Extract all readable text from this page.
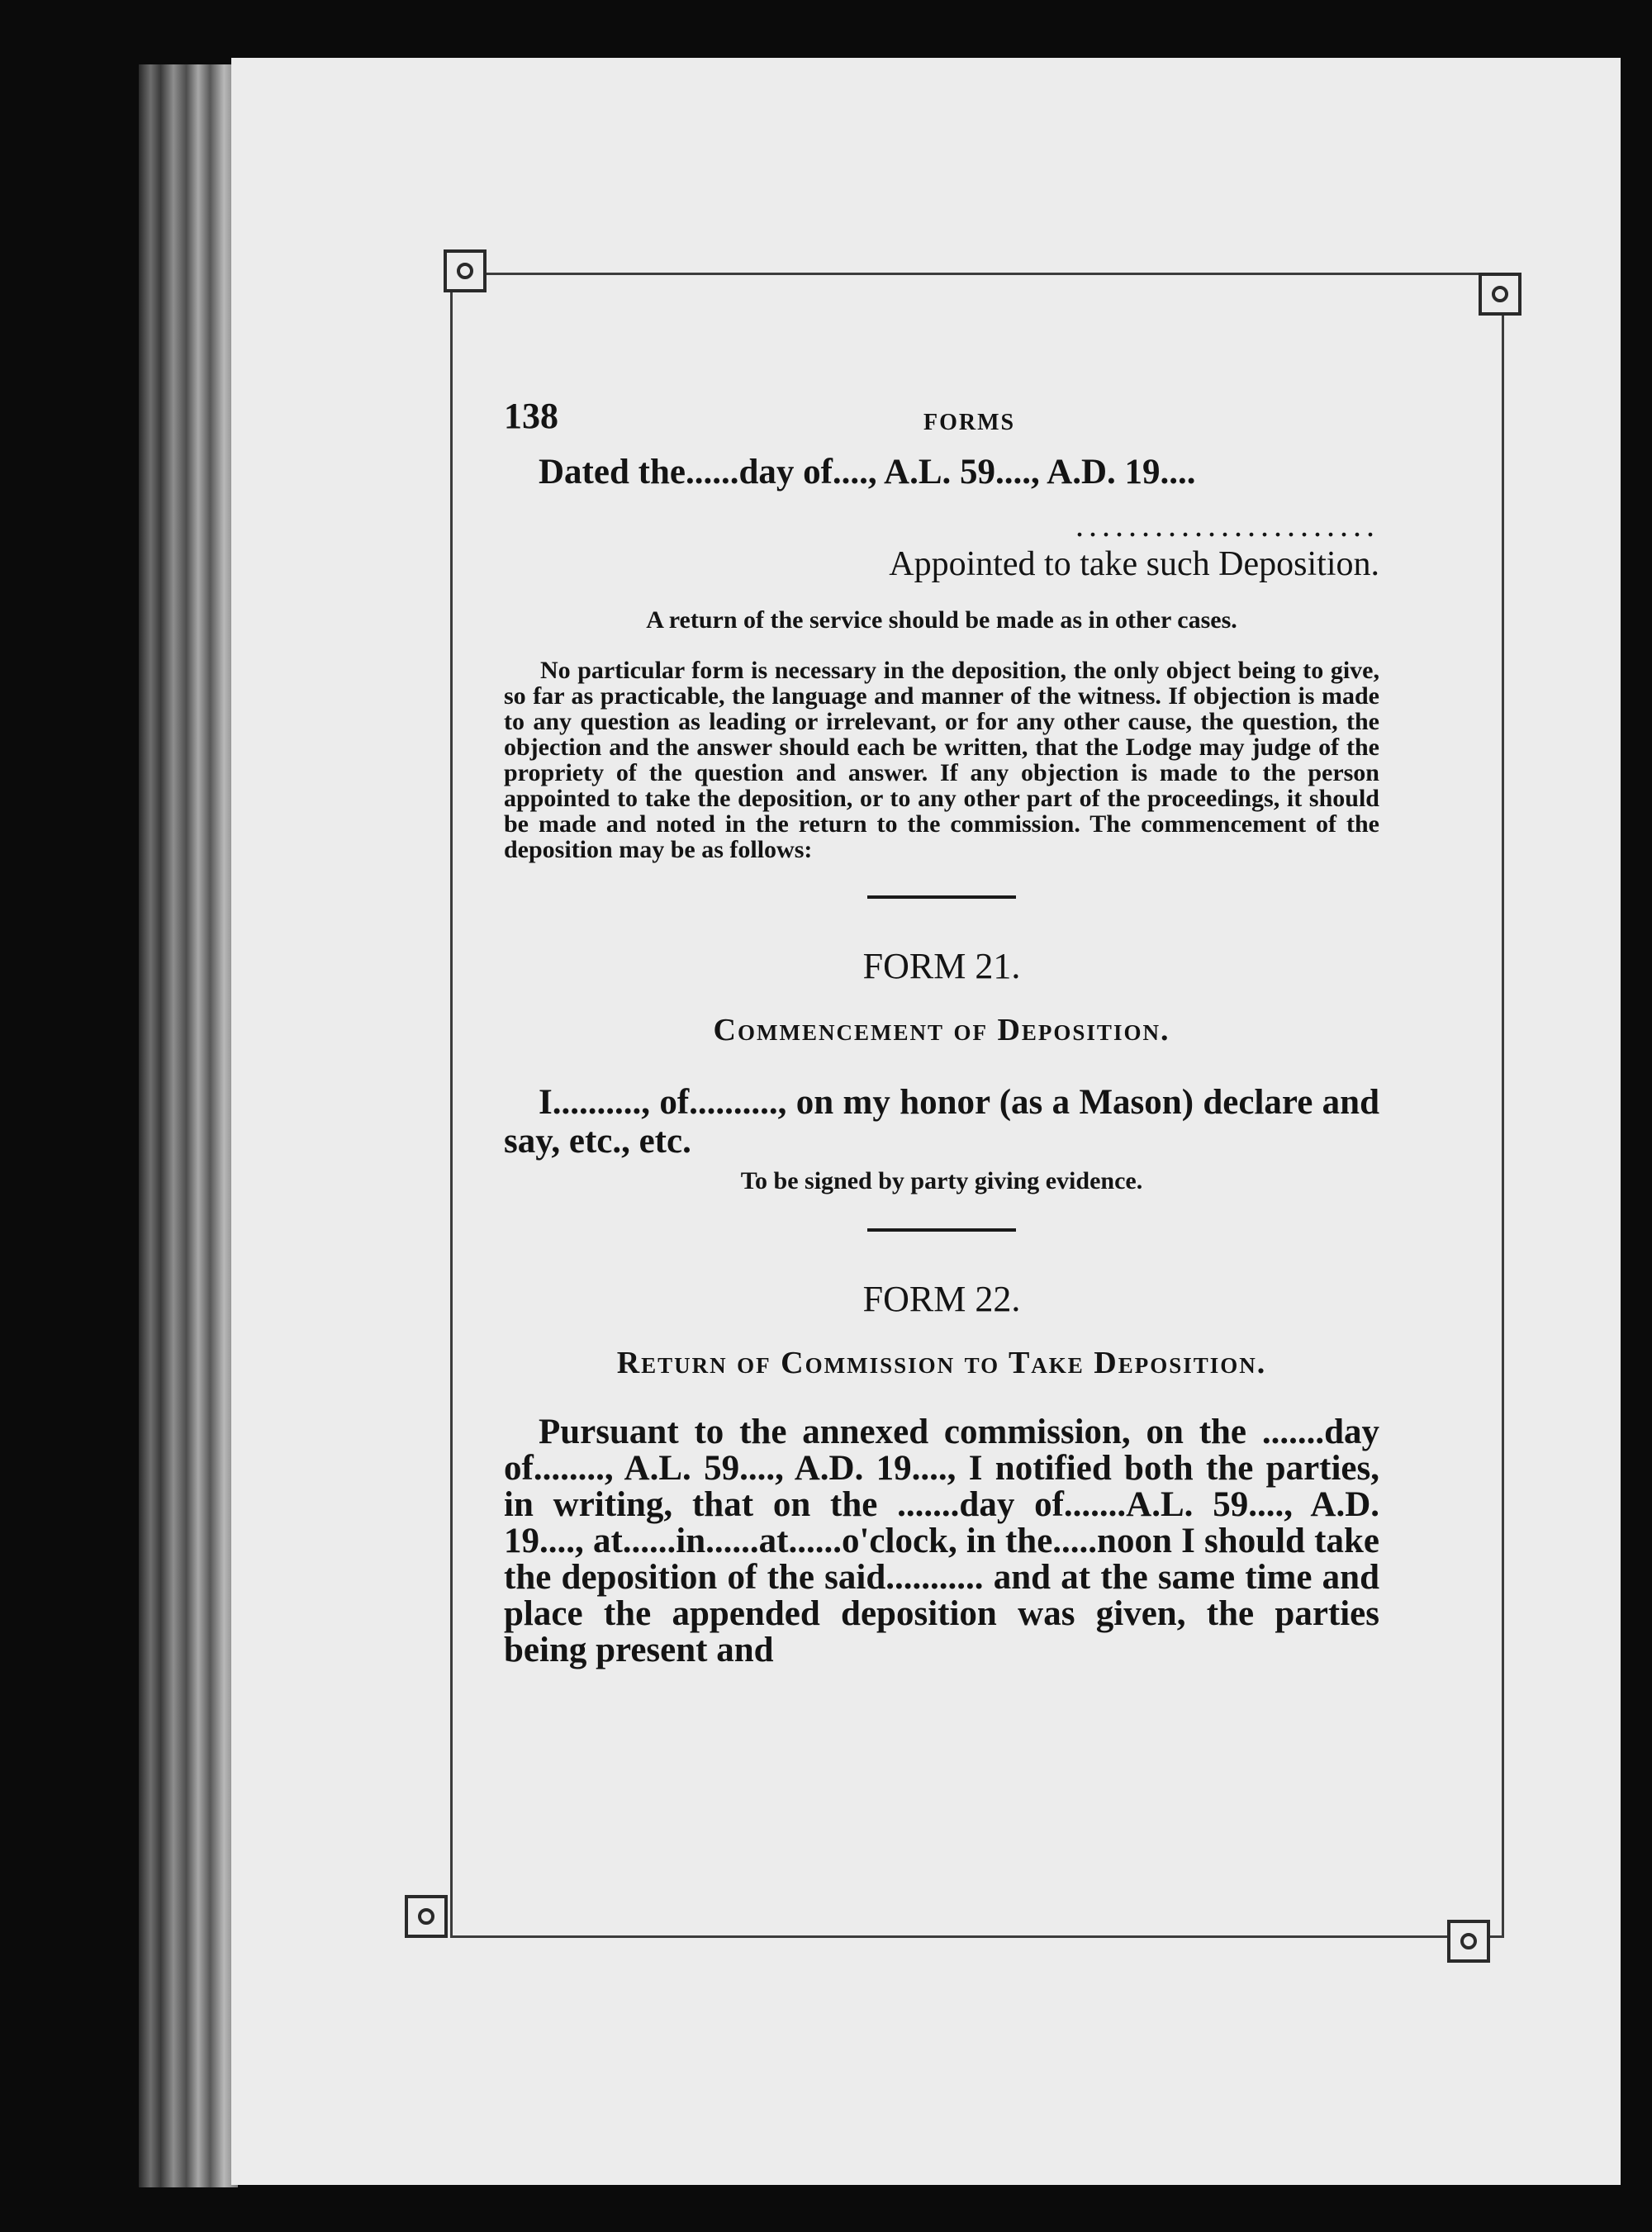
138	FORMS
Dated the......day of...., A.L. 59...., A.D. 19....
.......................
Appointed to take such Deposition.
A return of the service should be made as in other cases.
No particular form is necessary in the deposition, the only object being to give, so far as practicable, the language and manner of the witness. If objection is made to any question as leading or irrelevant, or for any other cause, the question, the objection and the answer should each be written, that the Lodge may judge of the propriety of the question and answer. If any objection is made to the person appointed to take the deposition, or to any other part of the proceedings, it should be made and noted in the return to the commission. The commencement of the deposition may be as follows:
FORM 21.
Commencement of Deposition.
I.........., of.........., on my honor (as a Mason) declare and say, etc., etc.
To be signed by party giving evidence.
FORM 22.
Return of Commission to Take Deposition.
Pursuant to the annexed commission, on the .......day of........, A.L. 59...., A.D. 19...., I notified both the parties, in writing, that on the .......day of.......A.L. 59...., A.D. 19...., at......in......at......o'clock, in the.....noon I should take the deposition of the said........... and at the same time and place the appended deposition was given, the parties being present and
